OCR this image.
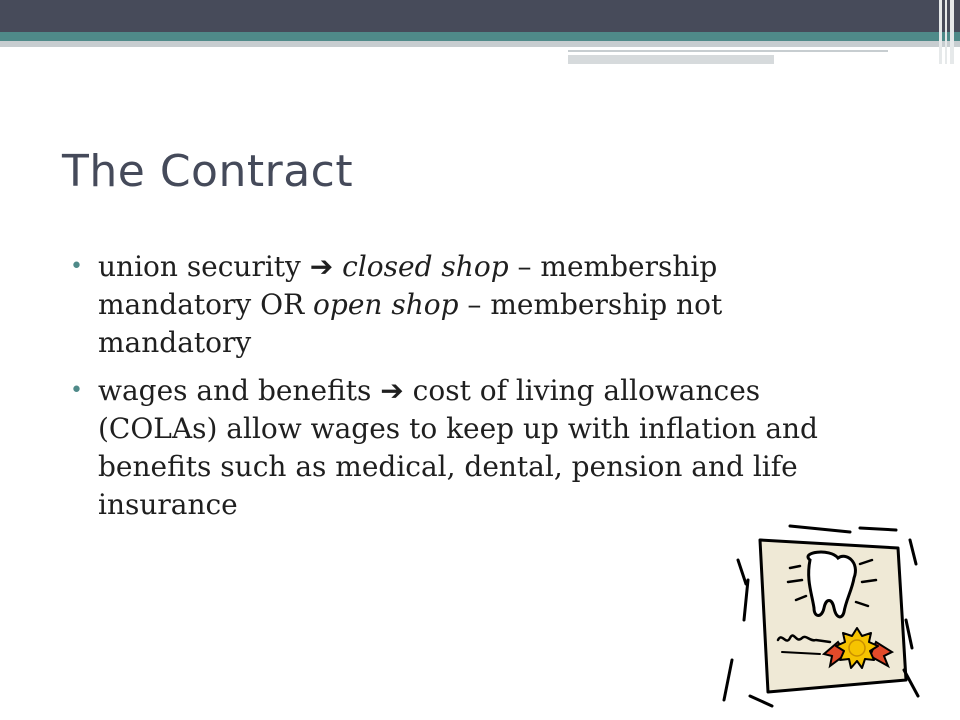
The Contract
• union security ➔ closed shop – membership mandatory OR open shop – membership not mandatory
• wages and benefits ➔ cost of living allowances (COLAs) allow wages to keep up with inflation and benefits such as medical, dental, pension and life insurance
